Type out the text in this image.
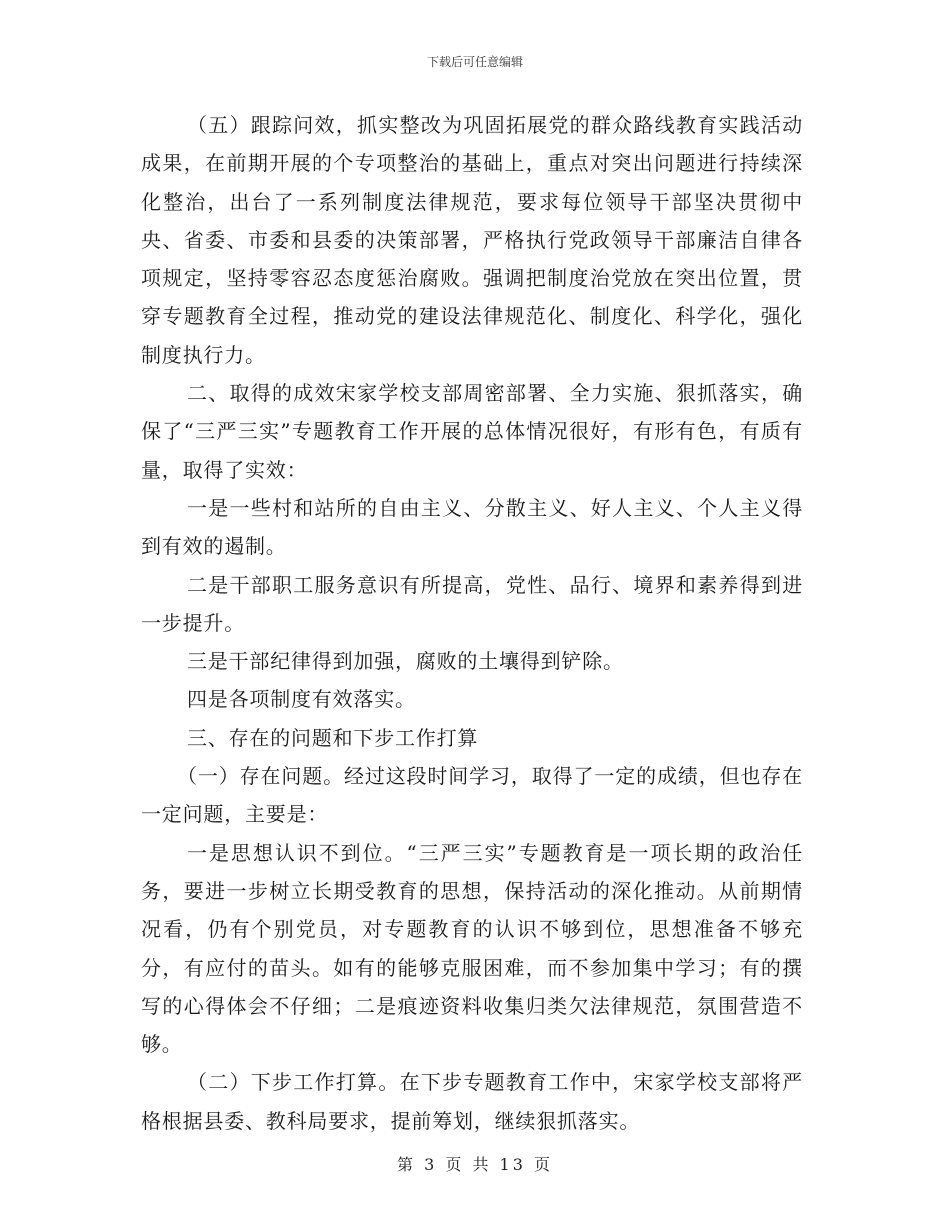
下载后可任意编辑

（五）跟踪问效，抓实整改为巩固拓展党的群众路线教育实践活动成果，在前期开展的个专项整治的基础上，重点对突出问题进行持续深化整治，出台了一系列制度法律规范，要求每位领导干部坚决贯彻中央、省委、市委和县委的决策部署，严格执行党政领导干部廉洁自律各项规定，坚持零容忍态度惩治腐败。强调把制度治党放在突出位置，贯穿专题教育全过程，推动党的建设法律规范化、制度化、科学化，强化制度执行力。

二、取得的成效宋家学校支部周密部署、全力实施、狠抓落实，确保了“三严三实”专题教育工作开展的总体情况很好，有形有色，有质有量，取得了实效：

一是一些村和站所的自由主义、分散主义、好人主义、个人主义得到有效的遏制。

二是干部职工服务意识有所提高，党性、品行、境界和素养得到进一步提升。

三是干部纪律得到加强，腐败的土壤得到铲除。

四是各项制度有效落实。

三、存在的问题和下步工作打算

（一）存在问题。经过这段时间学习，取得了一定的成绩，但也存在一定问题，主要是：

一是思想认识不到位。“三严三实”专题教育是一项长期的政治任务，要进一步树立长期受教育的思想，保持活动的深化推动。从前期情况看，仍有个别党员，对专题教育的认识不够到位，思想准备不够充分，有应付的苗头。如有的能够克服困难，而不参加集中学习；有的撰写的心得体会不仔细；二是痕迹资料收集归类欠法律规范，氛围营造不够。

（二）下步工作打算。在下步专题教育工作中，宋家学校支部将严格根据县委、教科局要求，提前筹划，继续狠抓落实。

第 3 页 共 13 页
